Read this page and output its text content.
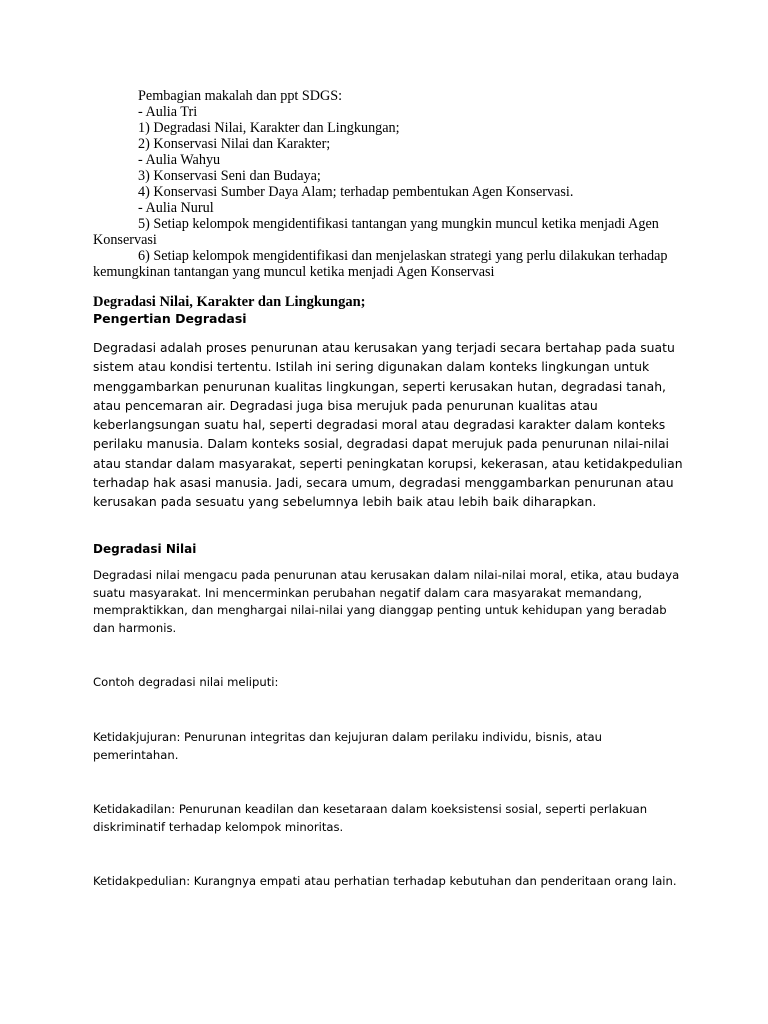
Pembagian makalah dan ppt SDGS:
- Aulia Tri
1) Degradasi Nilai, Karakter dan Lingkungan;
2) Konservasi Nilai dan Karakter;
- Aulia Wahyu
3) Konservasi Seni dan Budaya;
4) Konservasi Sumber Daya Alam; terhadap pembentukan Agen Konservasi.
- Aulia Nurul
5) Setiap kelompok mengidentifikasi tantangan yang mungkin muncul ketika menjadi Agen Konservasi
6) Setiap kelompok mengidentifikasi dan menjelaskan strategi yang perlu dilakukan terhadap kemungkinan tantangan yang muncul ketika menjadi Agen Konservasi
Degradasi Nilai, Karakter dan Lingkungan;
Pengertian Degradasi
Degradasi adalah proses penurunan atau kerusakan yang terjadi secara bertahap pada suatu sistem atau kondisi tertentu. Istilah ini sering digunakan dalam konteks lingkungan untuk menggambarkan penurunan kualitas lingkungan, seperti kerusakan hutan, degradasi tanah, atau pencemaran air. Degradasi juga bisa merujuk pada penurunan kualitas atau keberlangsungan suatu hal, seperti degradasi moral atau degradasi karakter dalam konteks perilaku manusia. Dalam konteks sosial, degradasi dapat merujuk pada penurunan nilai-nilai atau standar dalam masyarakat, seperti peningkatan korupsi, kekerasan, atau ketidakpedulian terhadap hak asasi manusia. Jadi, secara umum, degradasi menggambarkan penurunan atau kerusakan pada sesuatu yang sebelumnya lebih baik atau lebih baik diharapkan.
Degradasi Nilai
Degradasi nilai mengacu pada penurunan atau kerusakan dalam nilai-nilai moral, etika, atau budaya suatu masyarakat. Ini mencerminkan perubahan negatif dalam cara masyarakat memandang, mempraktikkan, dan menghargai nilai-nilai yang dianggap penting untuk kehidupan yang beradab dan harmonis.
Contoh degradasi nilai meliputi:
Ketidakjujuran: Penurunan integritas dan kejujuran dalam perilaku individu, bisnis, atau pemerintahan.
Ketidakadilan: Penurunan keadilan dan kesetaraan dalam koeksistensi sosial, seperti perlakuan diskriminatif terhadap kelompok minoritas.
Ketidakpedulian: Kurangnya empati atau perhatian terhadap kebutuhan dan penderitaan orang lain.
